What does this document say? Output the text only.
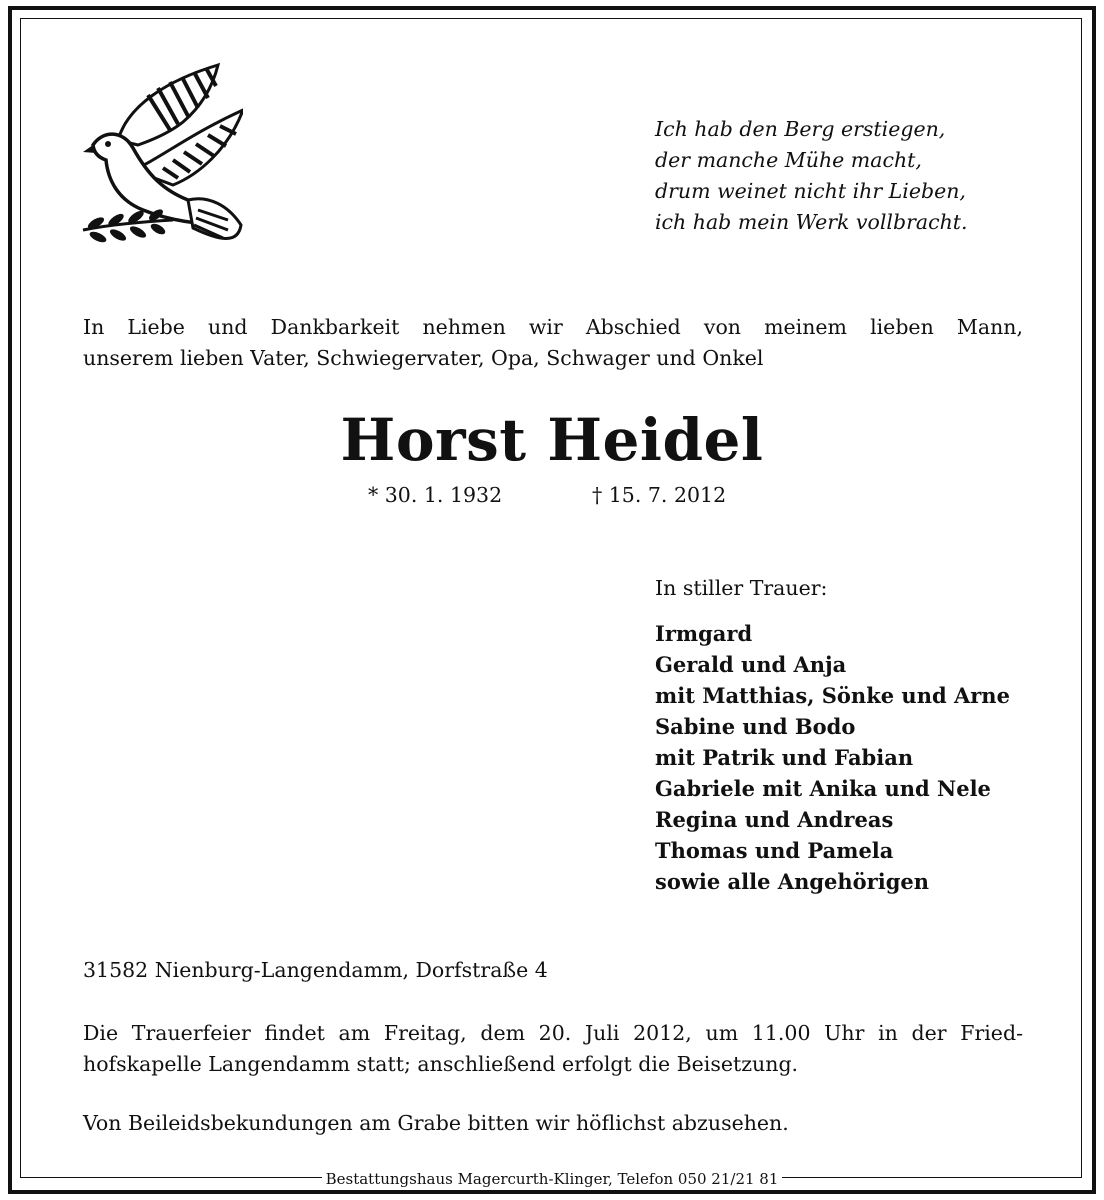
Ich hab den Berg erstiegen,
der manche Mühe macht,
drum weinet nicht ihr Lieben,
ich hab mein Werk vollbracht.
In Liebe und Dankbarkeit nehmen wir Abschied von meinem lieben Mann,
unserem lieben Vater, Schwiegervater, Opa, Schwager und Onkel
Horst Heidel
* 30. 1. 1932	† 15. 7. 2012
In stiller Trauer:
Irmgard
Gerald und Anja
mit Matthias, Sönke und Arne
Sabine und Bodo
mit Patrik und Fabian
Gabriele mit Anika und Nele
Regina und Andreas
Thomas und Pamela
sowie alle Angehörigen
31582 Nienburg-Langendamm, Dorfstraße 4
Die Trauerfeier findet am Freitag, dem 20. Juli 2012, um 11.00 Uhr in der Fried-
hofskapelle Langendamm statt; anschließend erfolgt die Beisetzung.
Von Beileidsbekundungen am Grabe bitten wir höflichst abzusehen.
Bestattungshaus Magercurth-Klinger, Telefon 050 21/21 81
